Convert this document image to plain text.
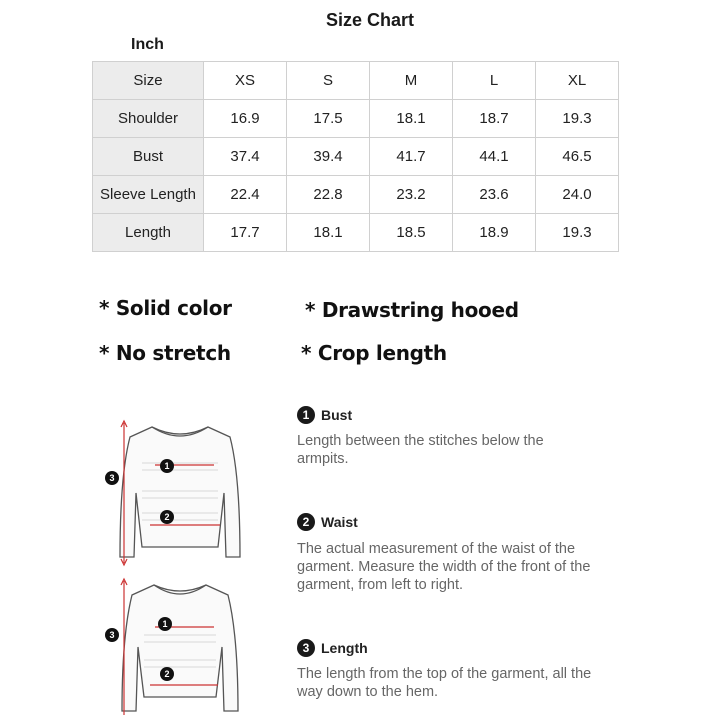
Size Chart
Inch
Size	XS	S	M	L	XL
Shoulder	16.9	17.5	18.1	18.7	19.3
Bust	37.4	39.4	41.7	44.1	46.5
Sleeve Length	22.4	22.8	23.2	23.6	24.0
Length	17.7	18.1	18.5	18.9	19.3
* Solid color	* Drawstring hooed
* No stretch	* Crop length
1
2
3
1
2
3
1 Bust
Length between the stitches below the armpits.
2 Waist
The actual measurement of the waist of the garment. Measure the width of the front of the garment, from left to right.
3 Length
The length from the top of the garment, all the way down to the hem.
